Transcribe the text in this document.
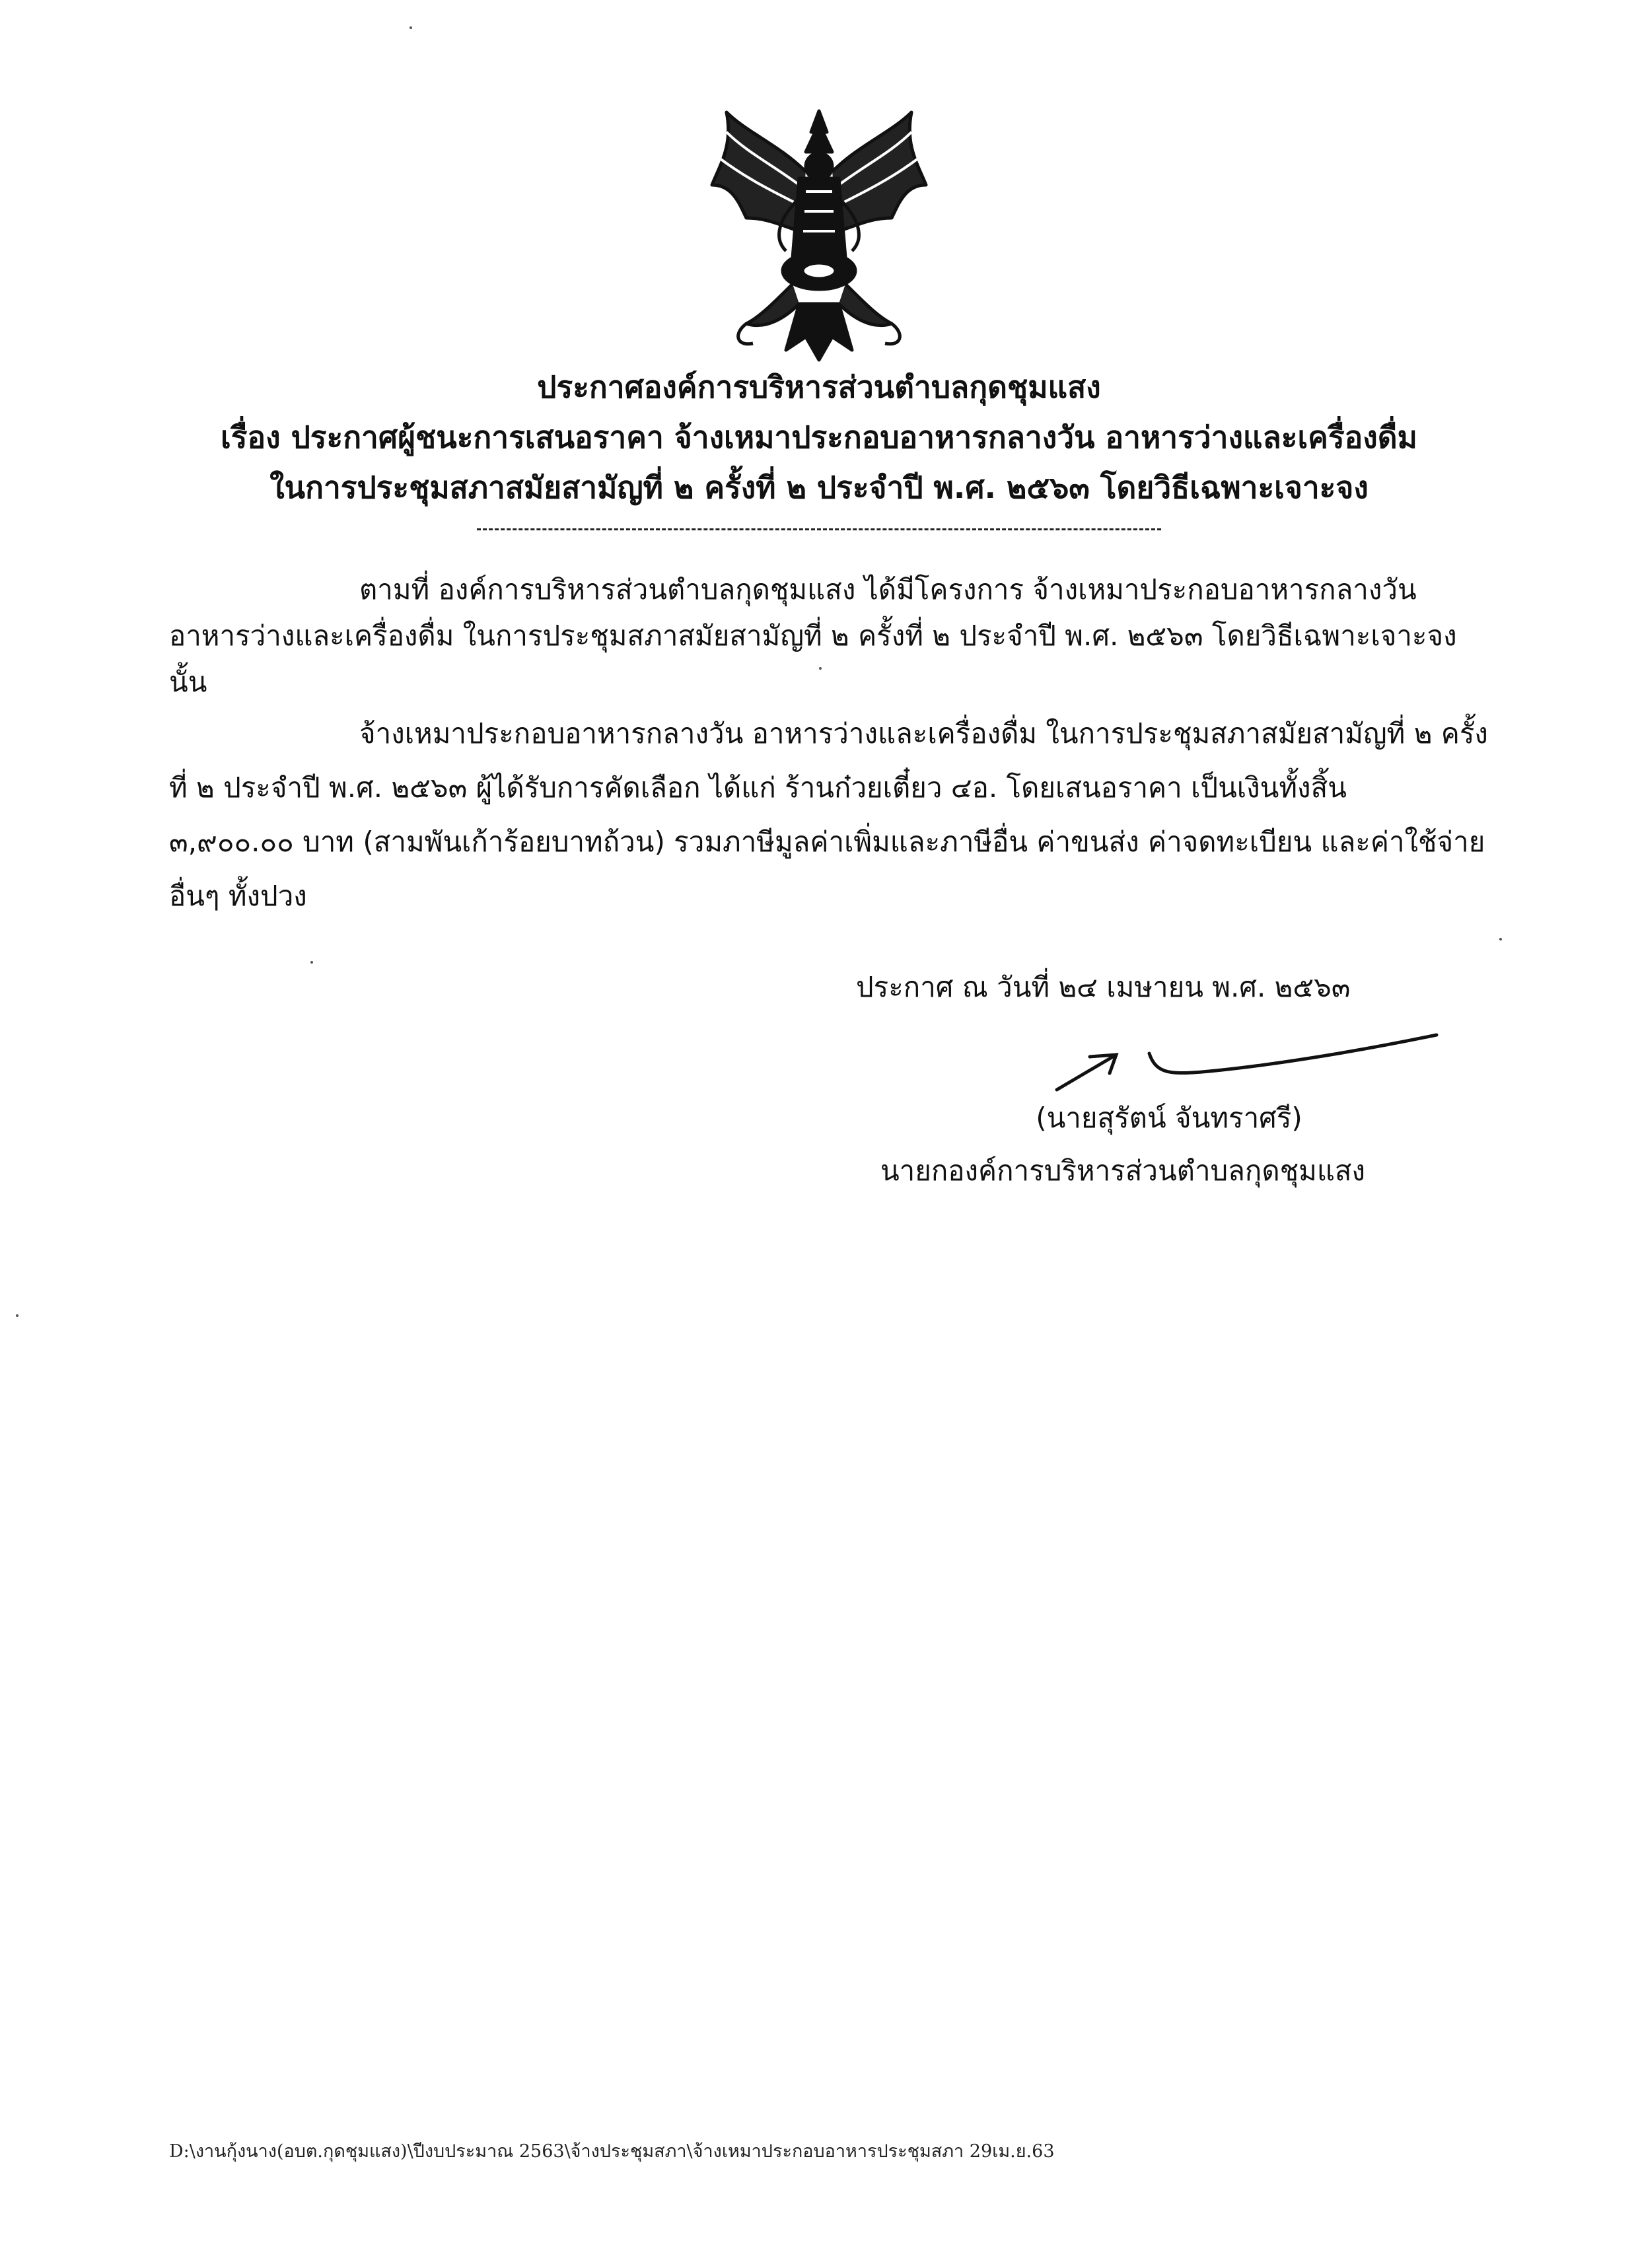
ประกาศองค์การบริหารส่วนตำบลกุดชุมแสง
เรื่อง ประกาศผู้ชนะการเสนอราคา จ้างเหมาประกอบอาหารกลางวัน อาหารว่างและเครื่องดื่ม
ในการประชุมสภาสมัยสามัญที่ ๒ ครั้งที่ ๒ ประจำปี พ.ศ. ๒๕๖๓ โดยวิธีเฉพาะเจาะจง
ตามที่ องค์การบริหารส่วนตำบลกุดชุมแสง ได้มีโครงการ จ้างเหมาประกอบอาหารกลางวัน
อาหารว่างและเครื่องดื่ม ในการประชุมสภาสมัยสามัญที่ ๒ ครั้งที่ ๒ ประจำปี พ.ศ. ๒๕๖๓ โดยวิธีเฉพาะเจาะจง
นั้น
จ้างเหมาประกอบอาหารกลางวัน อาหารว่างและเครื่องดื่ม ในการประชุมสภาสมัยสามัญที่ ๒ ครั้ง
ที่ ๒ ประจำปี พ.ศ. ๒๕๖๓ ผู้ได้รับการคัดเลือก ได้แก่ ร้านก๋วยเตี๋ยว ๔อ. โดยเสนอราคา เป็นเงินทั้งสิ้น
๓,๙๐๐.๐๐ บาท (สามพันเก้าร้อยบาทถ้วน) รวมภาษีมูลค่าเพิ่มและภาษีอื่น ค่าขนส่ง ค่าจดทะเบียน และค่าใช้จ่าย
อื่นๆ ทั้งปวง
ประกาศ ณ วันที่ ๒๔ เมษายน พ.ศ. ๒๕๖๓
(นายสุรัตน์ จันทราศรี)
นายกองค์การบริหารส่วนตำบลกุดชุมแสง
D:\งานกุ้งนาง(อบต.กุดชุมแสง)\ปีงบประมาณ 2563\จ้างประชุมสภา\จ้างเหมาประกอบอาหารประชุมสภา 29เม.ย.63
